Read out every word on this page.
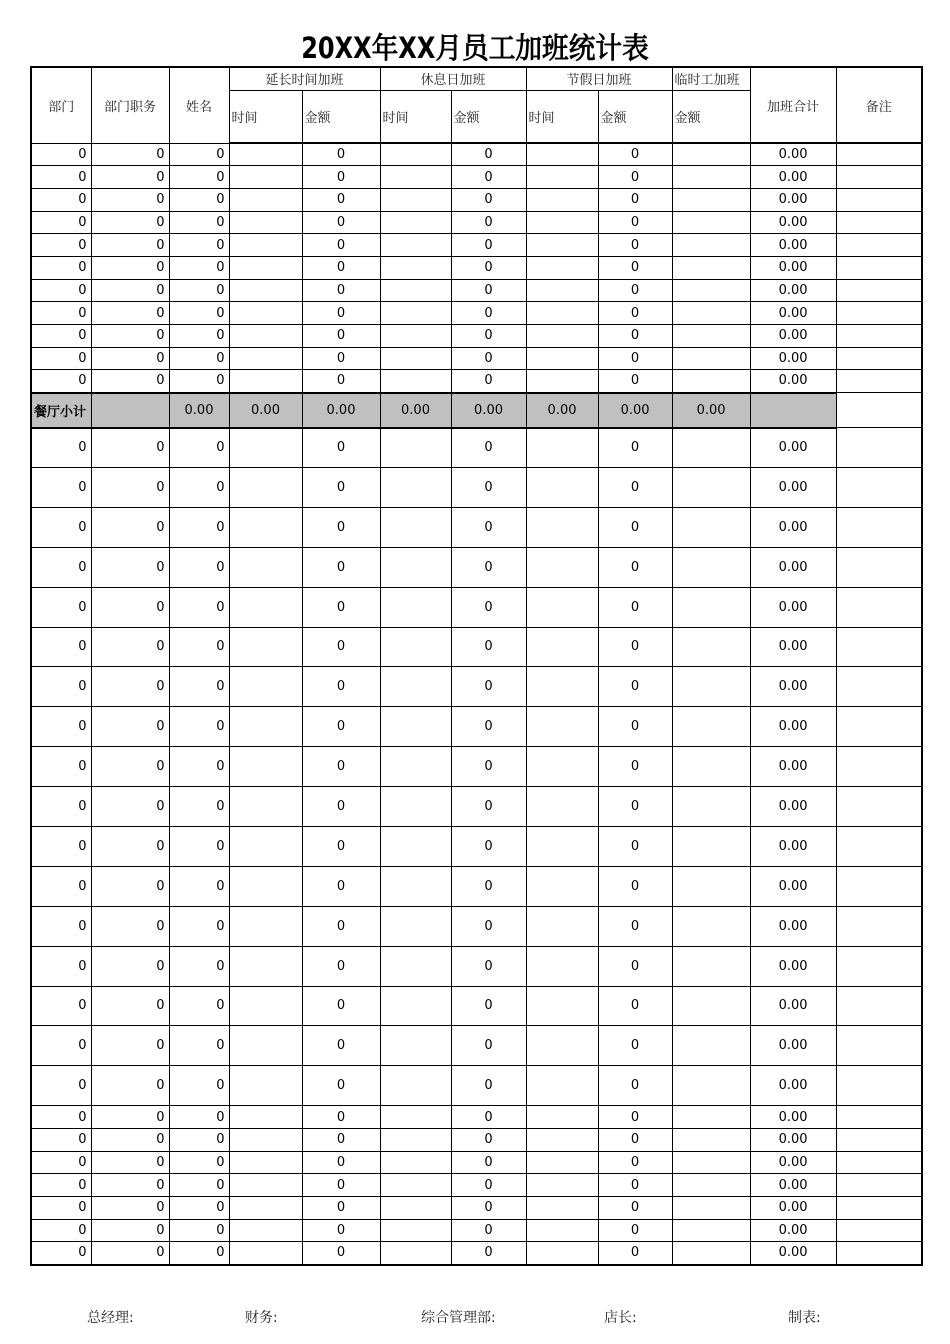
20XX年XX月员工加班统计表
部门	部门职务	姓名	延长时间加班		休息日加班		节假日加班		临时工加班	加班合计	备注
			时间	金额	时间	金额	时间	金额	金额		
0	0	0		0		0		0		0.00	
0	0	0		0		0		0		0.00	
0	0	0		0		0		0		0.00	
0	0	0		0		0		0		0.00	
0	0	0		0		0		0		0.00	
0	0	0		0		0		0		0.00	
0	0	0		0		0		0		0.00	
0	0	0		0		0		0		0.00	
0	0	0		0		0		0		0.00	
0	0	0		0		0		0		0.00	
0	0	0		0		0		0		0.00	
餐厅小计		0.00	0.00	0.00	0.00	0.00	0.00	0.00	0.00		
0	0	0		0		0		0		0.00	
0	0	0		0		0		0		0.00	
0	0	0		0		0		0		0.00	
0	0	0		0		0		0		0.00	
0	0	0		0		0		0		0.00	
0	0	0		0		0		0		0.00	
0	0	0		0		0		0		0.00	
0	0	0		0		0		0		0.00	
0	0	0		0		0		0		0.00	
0	0	0		0		0		0		0.00	
0	0	0		0		0		0		0.00	
0	0	0		0		0		0		0.00	
0	0	0		0		0		0		0.00	
0	0	0		0		0		0		0.00	
0	0	0		0		0		0		0.00	
0	0	0		0		0		0		0.00	
0	0	0		0		0		0		0.00	
0	0	0		0		0		0		0.00	
0	0	0		0		0		0		0.00	
0	0	0		0		0		0		0.00	
0	0	0		0		0		0		0.00	
0	0	0		0		0		0		0.00	
0	0	0		0		0		0		0.00	
0	0	0		0		0		0		0.00	
总经理:	财务:	综合管理部:	店长:	制表:
